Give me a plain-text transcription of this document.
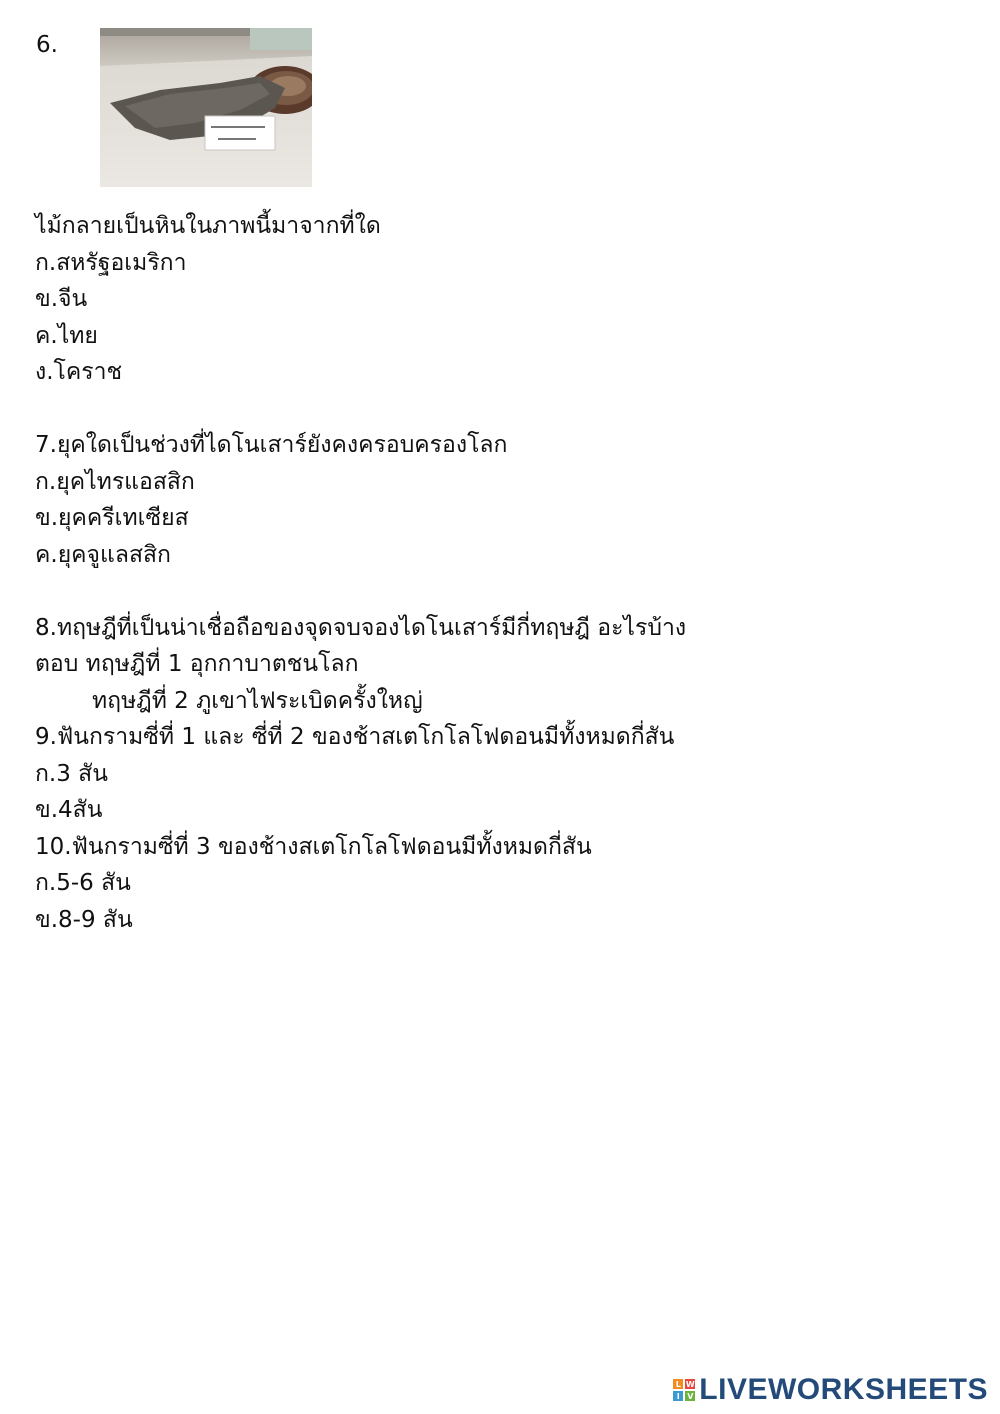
6.
ไม้กลายเป็นหินในภาพนี้มาจากที่ใด
ก.สหรัฐอเมริกา
ข.จีน
ค.ไทย
ง.โคราช
7.ยุคใดเป็นช่วงที่ไดโนเสาร์ยังคงครอบครองโลก
ก.ยุคไทรแอสสิก
ข.ยุคครีเทเซียส
ค.ยุคจูแลสสิก
8.ทฤษฎีที่เป็นน่าเชื่อถือของจุดจบจองไดโนเสาร์มีกี่ทฤษฎี อะไรบ้าง
ตอบ ทฤษฎีที่ 1 อุกกาบาตชนโลก
ทฤษฎีที่ 2 ภูเขาไฟระเบิดครั้งใหญ่
9.ฟันกรามซี่ที่ 1 และ ซี่ที่ 2 ของช้าสเตโกโลโฟดอนมีทั้งหมดกี่สัน
ก.3 สัน
ข.4สัน
10.ฟันกรามซี่ที่ 3 ของช้างสเตโกโลโฟดอนมีทั้งหมดกี่สัน
ก.5-6 สัน
ข.8-9 สัน
L W
I V LIVEWORKSHEETS
